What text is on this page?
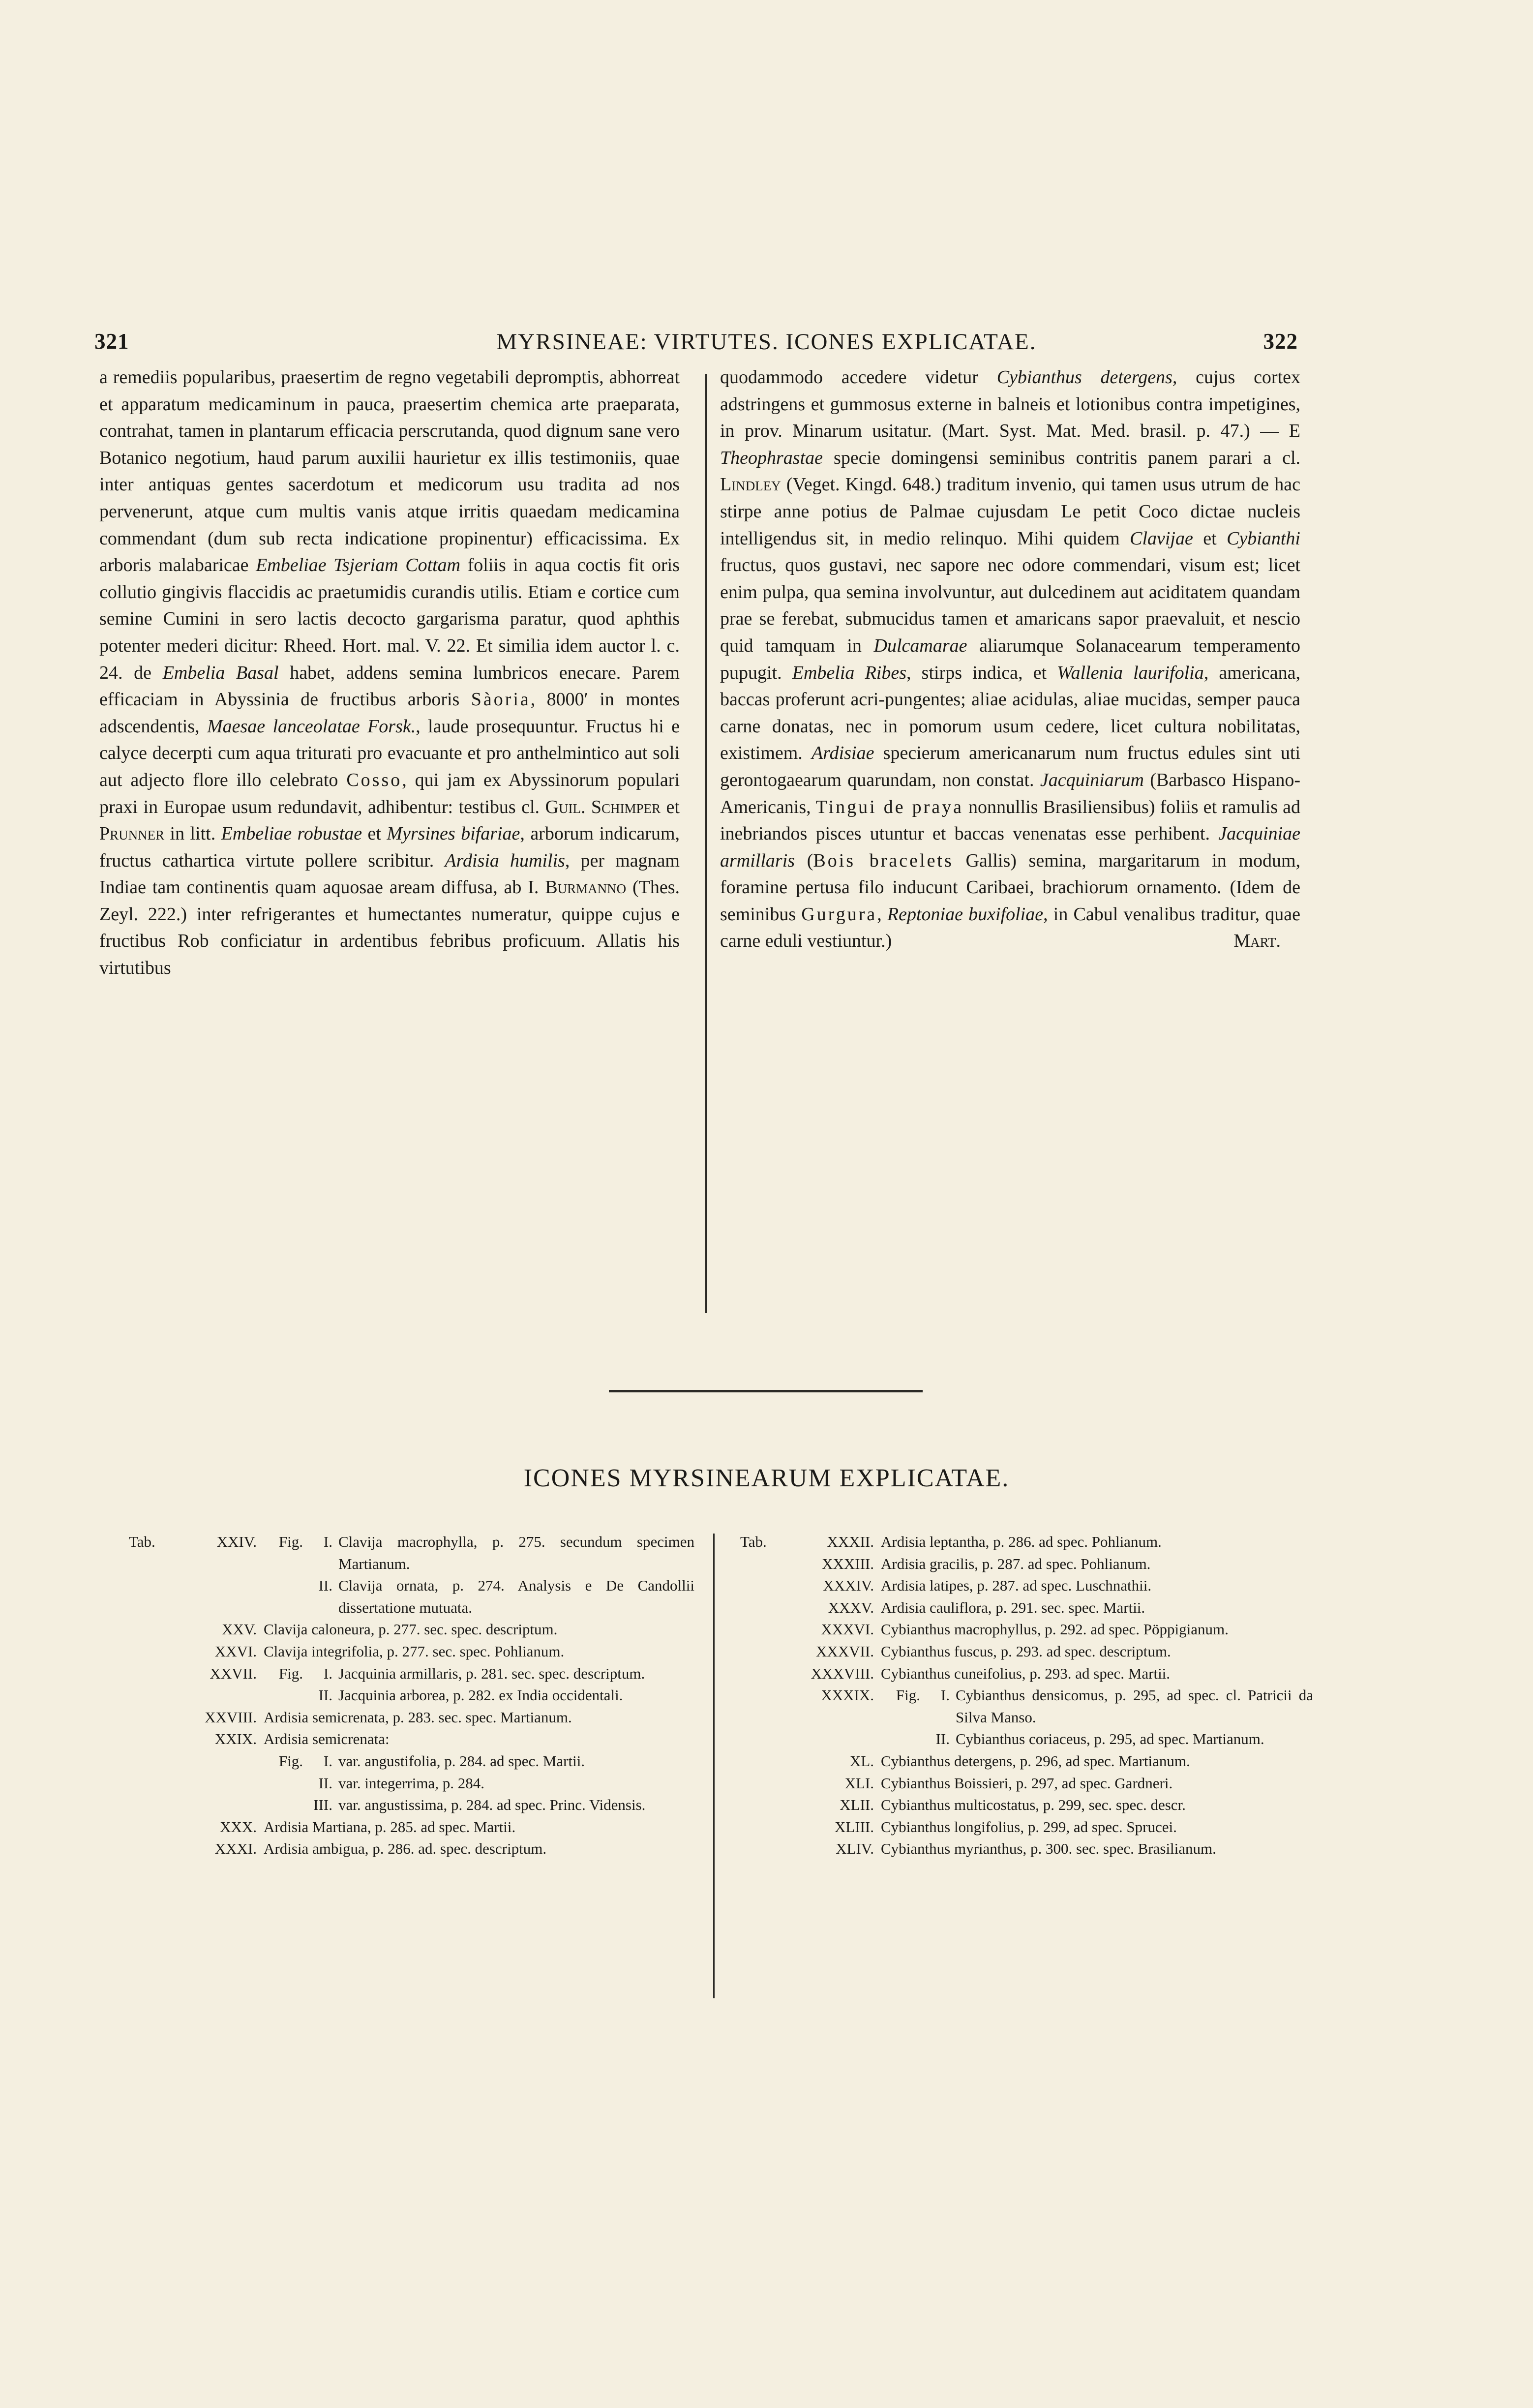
321	MYRSINEAE: VIRTUTES. ICONES EXPLICATAE.	322

a remediis popularibus, praesertim de regno vegetabili depromptis, abhorreat et apparatum medicaminum in pauca, praesertim chemica arte praeparata, contrahat, tamen in plantarum efficacia perscrutanda, quod dignum sane vero Botanico negotium, haud parum auxilii haurietur ex illis testimoniis, quae inter antiquas gentes sacerdotum et medicorum usu tradita ad nos pervenerunt, atque cum multis vanis atque irritis quaedam medicamina commendant (dum sub recta indicatione propinentur) efficacissima. Ex arboris malabaricae Embeliae Tsjeriam Cottam foliis in aqua coctis fit oris collutio gingivis flaccidis ac praetumidis curandis utilis. Etiam e cortice cum semine Cumini in sero lactis decocto gargarisma paratur, quod aphthis potenter mederi dicitur: Rheed. Hort. mal. V. 22. Et similia idem auctor l. c. 24. de Embelia Basal habet, addens semina lumbricos enecare. Parem efficaciam in Abyssinia de fructibus arboris Sàoria, 8000′ in montes adscendentis, Maesae lanceolatae Forsk., laude prosequuntur. Fructus hi e calyce decerpti cum aqua triturati pro evacuante et pro anthelmintico aut soli aut adjecto flore illo celebrato Cosso, qui jam ex Abyssinorum populari praxi in Europae usum redundavit, adhibentur: testibus cl. Guil. Schimper et Prunner in litt. Embeliae robustae et Myrsines bifariae, arborum indicarum, fructus cathartica virtute pollere scribitur. Ardisia humilis, per magnam Indiae tam continentis quam aquosae aream diffusa, ab I. Burmanno (Thes. Zeyl. 222.) inter refrigerantes et humectantes numeratur, quippe cujus e fructibus Rob conficiatur in ardentibus febribus proficuum. Allatis his virtutibus

quodammodo accedere videtur Cybianthus detergens, cujus cortex adstringens et gummosus externe in balneis et lotionibus contra impetigines, in prov. Minarum usitatur. (Mart. Syst. Mat. Med. brasil. p. 47.) — E Theophrastae specie domingensi seminibus contritis panem parari a cl. Lindley (Veget. Kingd. 648.) traditum invenio, qui tamen usus utrum de hac stirpe anne potius de Palmae cujusdam Le petit Coco dictae nucleis intelligendus sit, in medio relinquo. Mihi quidem Clavijae et Cybianthi fructus, quos gustavi, nec sapore nec odore commendari, visum est; licet enim pulpa, qua semina involvuntur, aut dulcedinem aut aciditatem quandam prae se ferebat, submucidus tamen et amaricans sapor praevaluit, et nescio quid tamquam in Dulcamarae aliarumque Solanacearum temperamento pupugit. Embelia Ribes, stirps indica, et Wallenia laurifolia, americana, baccas proferunt acri-pungentes; aliae acidulas, aliae mucidas, semper pauca carne donatas, nec in pomorum usum cedere, licet cultura nobilitatas, existimem. Ardisiae specierum americanarum num fructus edules sint uti gerontogaearum quarundam, non constat. Jacquiniarum (Barbasco Hispano-Americanis, Tingui de praya nonnullis Brasiliensibus) foliis et ramulis ad inebriandos pisces utuntur et baccas venenatas esse perhibent. Jacquiniae armillaris (Bois bracelets Gallis) semina, margaritarum in modum, foramine pertusa filo inducunt Caribaei, brachiorum ornamento. (Idem de seminibus Gurgura, Reptoniae buxifoliae, in Cabul venalibus traditur, quae carne eduli vestiuntur.)	Mart.

ICONES MYRSINEARUM EXPLICATAE.
Tab.	XXIV.	Fig.	I. Clavija macrophylla, p. 275. secundum specimen Martianum.
II. Clavija ornata, p. 274. Analysis e De Candollii dissertatione mutuata.
XXV. Clavija caloneura, p. 277. sec. spec. descriptum.
XXVI. Clavija integrifolia, p. 277. sec. spec. Pohlianum.
XXVII.	Fig.	I. Jacquinia armillaris, p. 281. sec. spec. descriptum.
II. Jacquinia arborea, p. 282. ex India occidentali.
XXVIII. Ardisia semicrenata, p. 283. sec. spec. Martianum.
XXIX. Ardisia semicrenata:
Fig.	I. var. angustifolia, p. 284. ad spec. Martii.
II. var. integerrima, p. 284.
III. var. angustissima, p. 284. ad spec. Princ. Vidensis.
XXX. Ardisia Martiana, p. 285. ad spec. Martii.
XXXI. Ardisia ambigua, p. 286. ad. spec. descriptum.
Tab.	XXXII. Ardisia leptantha, p. 286. ad spec. Pohlianum.
XXXIII. Ardisia gracilis, p. 287. ad spec. Pohlianum.
XXXIV. Ardisia latipes, p. 287. ad spec. Luschnathii.
XXXV. Ardisia cauliflora, p. 291. sec. spec. Martii.
XXXVI. Cybianthus macrophyllus, p. 292. ad spec. Pöppigianum.
XXXVII. Cybianthus fuscus, p. 293. ad spec. descriptum.
XXXVIII. Cybianthus cuneifolius, p. 293. ad spec. Martii.
XXXIX.	Fig.	I. Cybianthus densicomus, p. 295, ad spec. cl. Patricii da Silva Manso.
II. Cybianthus coriaceus, p. 295, ad spec. Martianum.
XL. Cybianthus detergens, p. 296, ad spec. Martianum.
XLI. Cybianthus Boissieri, p. 297, ad spec. Gardneri.
XLII. Cybianthus multicostatus, p. 299, sec. spec. descr.
XLIII. Cybianthus longifolius, p. 299, ad spec. Sprucei.
XLIV. Cybianthus myrianthus, p. 300. sec. spec. Brasilianum.
